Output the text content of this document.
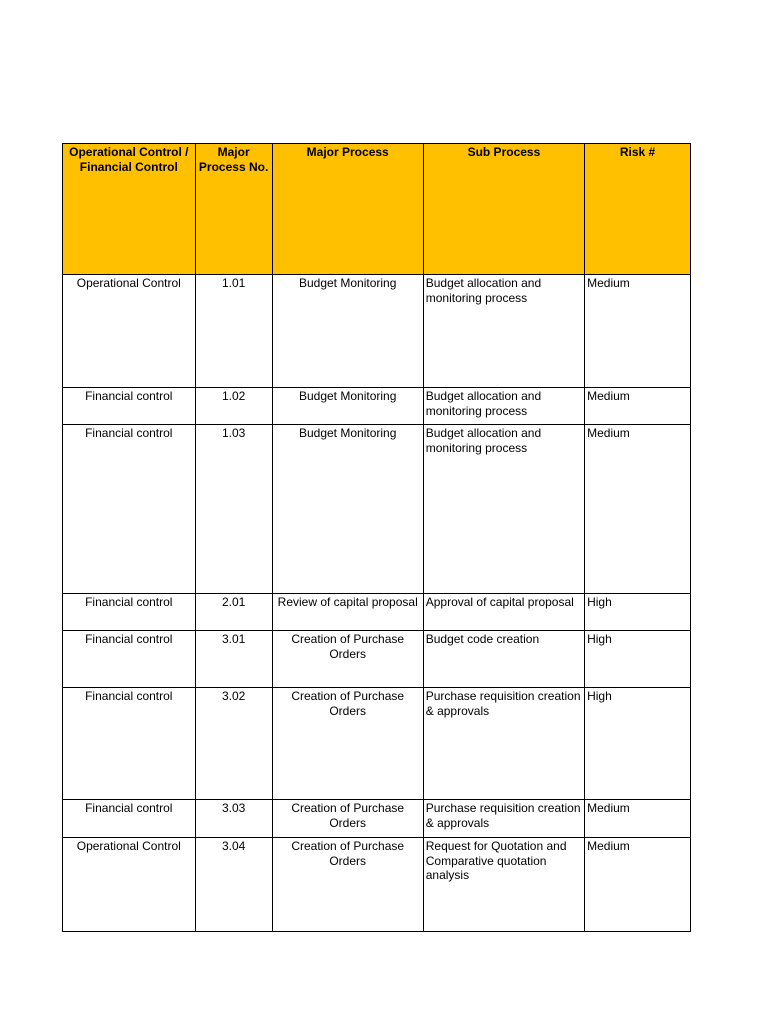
Operational Control / Financial Control	Major Process No.	Major Process	Sub Process	Risk #
Operational Control	1.01	Budget Monitoring	Budget allocation and monitoring process	Medium
Financial control	1.02	Budget Monitoring	Budget allocation and monitoring process	Medium
Financial control	1.03	Budget Monitoring	Budget allocation and monitoring process	Medium
Financial control	2.01	Review of capital proposal	Approval of capital proposal	High
Financial control	3.01	Creation of Purchase Orders	Budget code creation	High
Financial control	3.02	Creation of Purchase Orders	Purchase requisition creation & approvals	High
Financial control	3.03	Creation of Purchase Orders	Purchase requisition creation & approvals	Medium
Operational Control	3.04	Creation of Purchase Orders	Request for Quotation and Comparative quotation analysis	Medium
